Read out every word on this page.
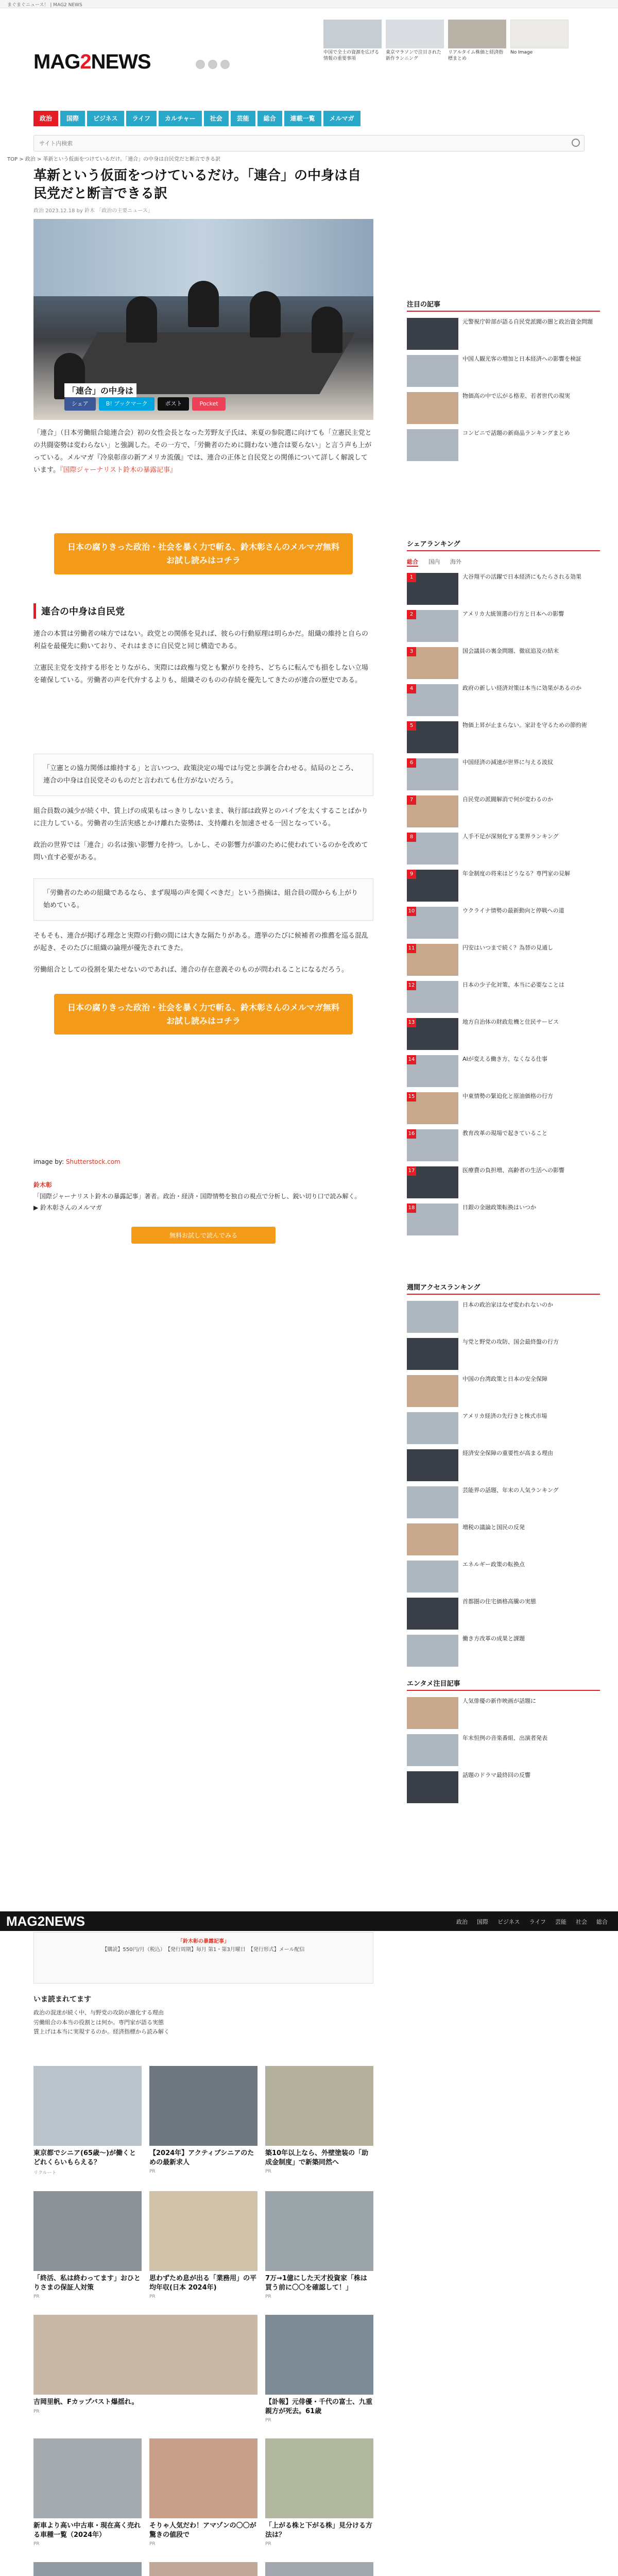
まぐまぐニュース！ | MAG2 NEWS
MAG2NEWS	中国で全土の資源を広げる情報の重要事項
東京マラソンで注目された新作ランニング
リアルタイム株価と経済指標まとめ
No Image
政治	国際	ビジネス	ライフ	カルチャー	社会	芸能	総合	連載一覧	メルマガ
サイト内検索
TOP > 政治 > 革新という仮面をつけているだけ。「連合」の中身は自民党だと断言できる訳
革新という仮面をつけているだけ。「連合」の中身は自民党だと断言できる訳
政治 2023.12.18 by 鈴木 「政治の主要ニュース」
「連合」の中身は
シェア	B! ブックマーク	ポスト	Pocket

「連合」（日本労働組合総連合会）初の女性会長となった芳野友子氏は、来夏の参院選に向けても「立憲民主党との共闘姿勢は変わらない」と強調した。その一方で、「労働者のために闘わない連合は要らない」と言う声も上がっている。メルマガ『冷泉彰彦の新アメリカ流儀』では、連合の正体と自民党との関係について詳しく解説しています。『国際ジャーナリスト鈴木の暴露記事』

日本の腐りきった政治・社会を暴く力で斬る、鈴木彰さんのメルマガ無料お試し読みはコチラ
連合の中身は自民党

連合の本質は労働者の味方ではない。政党との関係を見れば、彼らの行動原理は明らかだ。組織の維持と自らの利益を最優先に動いており、それはまさに自民党と同じ構造である。

立憲民主党を支持する形をとりながら、実際には政権与党とも繋がりを持ち、どちらに転んでも損をしない立場を確保している。労働者の声を代弁するよりも、組織そのものの存続を優先してきたのが連合の歴史である。

「立憲との協力関係は維持する」と言いつつ、政策決定の場では与党と歩調を合わせる。結局のところ、連合の中身は自民党そのものだと言われても仕方がないだろう。

組合員数の減少が続く中、賃上げの成果もはっきりしないまま、執行部は政界とのパイプを太くすることばかりに注力している。労働者の生活実感とかけ離れた姿勢は、支持離れを加速させる一因となっている。

政治の世界では「連合」の名は強い影響力を持つ。しかし、その影響力が誰のために使われているのかを改めて問い直す必要がある。

「労働者のための組織であるなら、まず現場の声を聞くべきだ」という指摘は、組合員の間からも上がり始めている。

そもそも、連合が掲げる理念と実際の行動の間には大きな隔たりがある。選挙のたびに候補者の推薦を巡る混乱が起き、そのたびに組織の論理が優先されてきた。

労働組合としての役割を果たせないのであれば、連合の存在意義そのものが問われることになるだろう。

日本の腐りきった政治・社会を暴く力で斬る、鈴木彰さんのメルマガ無料お試し読みはコチラ
image by: Shutterstock.com
鈴木彰
「国際ジャーナリスト鈴木の暴露記事」著者。政治・経済・国際情勢を独自の視点で分析し、鋭い切り口で読み解く。
▶ 鈴木彰さんのメルマガ
無料お試しで読んでみる
MAG2NEWS	政治 国際 ビジネス ライフ 芸能 社会 総合
「鈴木彰の暴露記事」
【購読】550円/月（税込）　【発行周期】毎月 第1・第3月曜日　【発行形式】メール配信
いま読まれてます
政治の混迷が続く中、与野党の攻防が激化する理由
労働組合の本当の役割とは何か。専門家が語る実態
賃上げは本当に実現するのか。経済指標から読み解く
東京都でシニア(65歳～)が働くとどれくらいもらえる？
リクルート
【2024年】アクティブシニアのための最新求人
PR
築10年以上なら、外壁塗装の「助成金制度」で新築同然へ
PR
「終活、私は終わってます」おひとりさまの保証人対策
PR
思わずため息が出る「業務用」の平均年収(日本 2024年)
PR
7万→1億にした天才投資家「株は買う前に〇〇を確認して！」
PR
吉岡里帆、Fカップバスト爆揺れ。
PR
【訃報】元俳優・千代の富士、九重親方が死去。61歳
PR
新車より高い中古車・現在高く売れる車種一覧（2024年）
PR
そりゃ人気だわ！アマゾンの〇〇が驚きの値段で
PR
「上がる株と下がる株」見分ける方法は？
PR
注目の記事
元警視庁幹部が語る自民党派閥の闇と政治資金問題
中国人観光客の増加と日本経済への影響を検証
物価高の中で広がる格差、若者世代の現実
コンビニで話題の新商品ランキングまとめ
シェアランキング
総合 国内 海外
大谷翔平の活躍で日本経済にもたらされる効果
1
アメリカ大統領選の行方と日本への影響
2
国会議員の裏金問題、徹底追及の結末
3
政府の新しい経済対策は本当に効果があるのか
4
物価上昇が止まらない。家計を守るための節約術
5
中国経済の減速が世界に与える波紋
6
自民党の派閥解消で何が変わるのか
7
人手不足が深刻化する業界ランキング
8
年金制度の将来はどうなる？専門家の見解
9
ウクライナ情勢の最新動向と停戦への道
10
円安はいつまで続く？為替の見通し
11
日本の少子化対策、本当に必要なことは
12
地方自治体の財政危機と住民サービス
13
AIが変える働き方、なくなる仕事
14
中東情勢の緊迫化と原油価格の行方
15
教育改革の現場で起きていること
16
医療費の負担増、高齢者の生活への影響
17
日銀の金融政策転換はいつか
18
週間アクセスランキング
日本の政治家はなぜ変われないのか
与党と野党の攻防、国会最終盤の行方
中国の台湾政策と日本の安全保障
アメリカ経済の先行きと株式市場
経済安全保障の重要性が高まる理由
芸能界の話題、年末の人気ランキング
増税の議論と国民の反発
エネルギー政策の転換点
首都圏の住宅価格高騰の実態
働き方改革の成果と課題
エンタメ注目記事
人気俳優の新作映画が話題に
年末恒例の音楽番組、出演者発表
話題のドラマ最終回の反響
